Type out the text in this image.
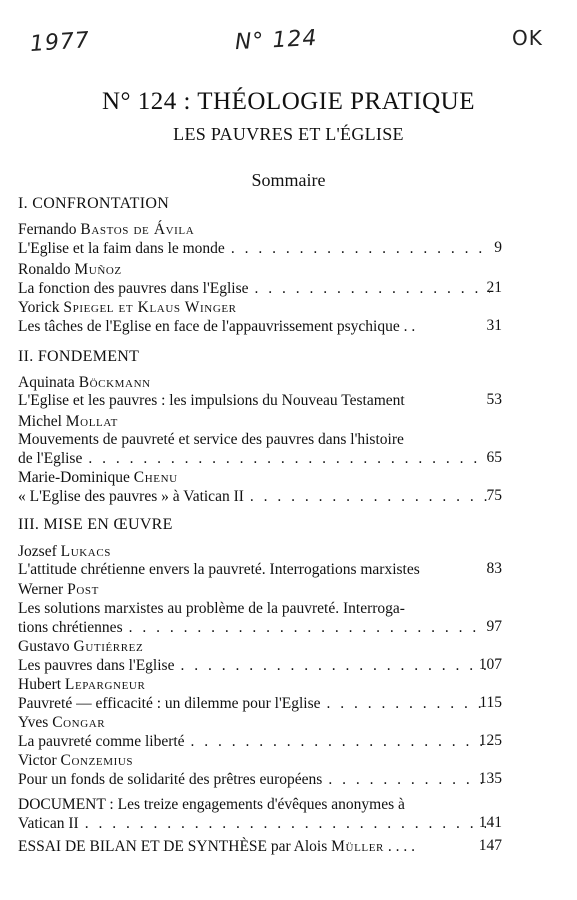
1977	N° 124	OK
N° 124 : THÉOLOGIE PRATIQUE
LES PAUVRES ET L'ÉGLISE
Sommaire
I. CONFRONTATION
Fernando Bastos de Ávila
L'Eglise et la faim dans le monde . . .	9
Ronaldo Muñoz
La fonction des pauvres dans l'Eglise . . .	21
Yorick Spiegel et Klaus Winger
Les tâches de l'Eglise en face de l'appauvrissement psychique . .	31
II. FONDEMENT
Aquinata Böckmann
L'Eglise et les pauvres : les impulsions du Nouveau Testament	53
Michel Mollat
Mouvements de pauvreté et service des pauvres dans l'histoire
de l'Eglise . . .	65
Marie-Dominique Chenu
« L'Eglise des pauvres » à Vatican II . . .	75
III. MISE EN ŒUVRE
Jozsef Lukacs
L'attitude chrétienne envers la pauvreté. Interrogations marxistes	83
Werner Post
Les solutions marxistes au problème de la pauvreté. Interroga-
tions chrétiennes . . .	97
Gustavo Gutiérrez
Les pauvres dans l'Eglise . . .	107
Hubert Lepargneur
Pauvreté — efficacité : un dilemme pour l'Eglise . . .	115
Yves Congar
La pauvreté comme liberté . . .	125
Victor Conzemius
Pour un fonds de solidarité des prêtres européens . . .	135
DOCUMENT : Les treize engagements d'évêques anonymes à
Vatican II . . .	141
ESSAI DE BILAN ET DE SYNTHÈSE par Alois Müller . . . .	147
